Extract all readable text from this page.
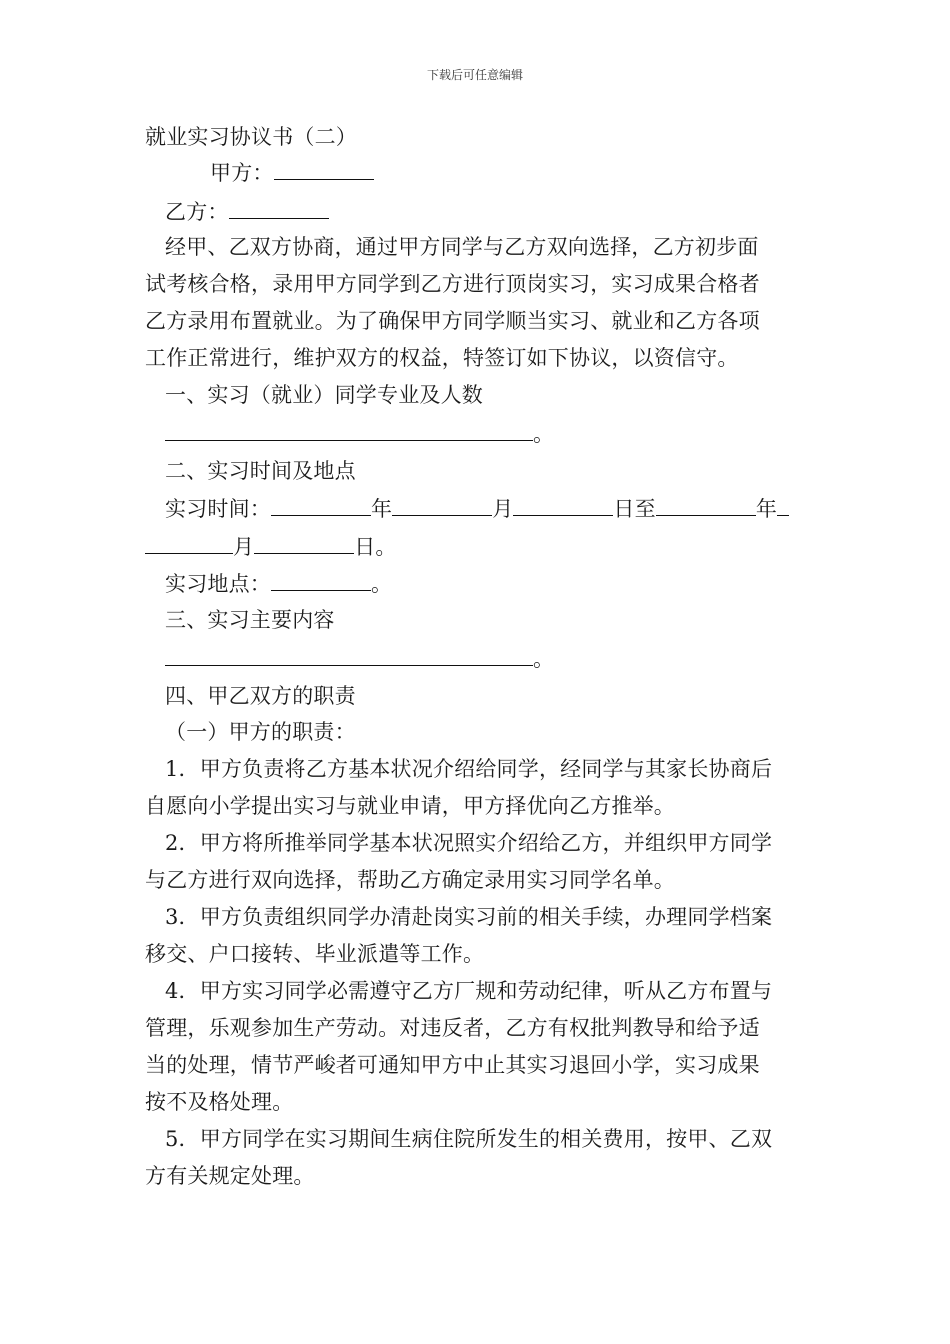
下载后可任意编辑
就业实习协议书（二）
甲方：
乙方：
经甲、乙双方协商，通过甲方同学与乙方双向选择，乙方初步面
试考核合格，录用甲方同学到乙方进行顶岗实习，实习成果合格者
乙方录用布置就业。为了确保甲方同学顺当实习、就业和乙方各项
工作正常进行，维护双方的权益，特签订如下协议，以资信守。
一、实习（就业）同学专业及人数
。
二、实习时间及地点
实习时间：	年	月	日至	年
月	日。
实习地点：	。
三、实习主要内容
。
四、甲乙双方的职责
（一）甲方的职责：
1．甲方负责将乙方基本状况介绍给同学，经同学与其家长协商后
自愿向小学提出实习与就业申请，甲方择优向乙方推举。
2．甲方将所推举同学基本状况照实介绍给乙方，并组织甲方同学
与乙方进行双向选择，帮助乙方确定录用实习同学名单。
3．甲方负责组织同学办清赴岗实习前的相关手续，办理同学档案
移交、户口接转、毕业派遣等工作。
4．甲方实习同学必需遵守乙方厂规和劳动纪律，听从乙方布置与
管理，乐观参加生产劳动。对违反者，乙方有权批判教导和给予适
当的处理，情节严峻者可通知甲方中止其实习退回小学，实习成果
按不及格处理。
5．甲方同学在实习期间生病住院所发生的相关费用，按甲、乙双
方有关规定处理。
